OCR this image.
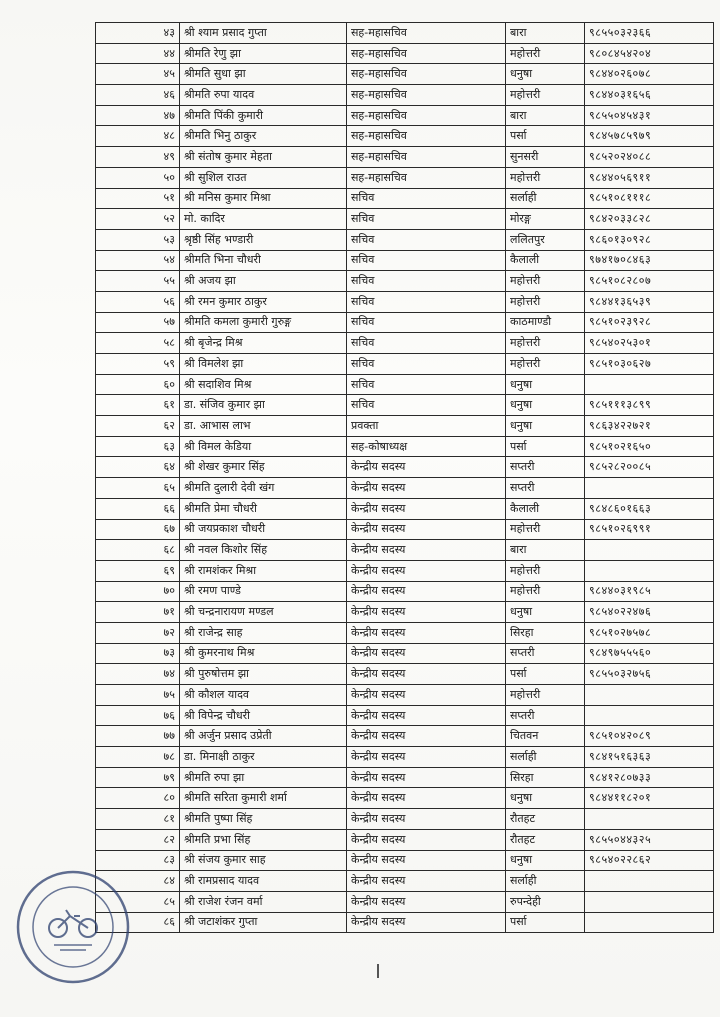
४३	श्री श्याम प्रसाद गुप्ता	सह-महासचिव	बारा	९८५५०३२३६६
४४	श्रीमति रेणु झा	सह-महासचिव	महोत्तरी	९८०८४५४२०४
४५	श्रीमति सुधा झा	सह-महासचिव	धनुषा	९८४४०२६०७८
४६	श्रीमति रुपा यादव	सह-महासचिव	महोत्तरी	९८४४०३१६५६
४७	श्रीमति पिंकी कुमारी	सह-महासचिव	बारा	९८५५०४५४३१
४८	श्रीमति भिनु ठाकुर	सह-महासचिव	पर्सा	९८४५७८५९७९
४९	श्री संतोष कुमार मेहता	सह-महासचिव	सुनसरी	९८५२०२४०८८
५०	श्री सुशिल राउत	सह-महासचिव	महोत्तरी	९८४४०५६९११
५१	श्री मनिस कुमार मिश्रा	सचिव	सर्लाही	९८५१०८१११८
५२	मो. कादिर	सचिव	मोरङ्ग	९८४२०३३८२८
५३	श्रृष्ठी सिंह भण्डारी	सचिव	ललितपुर	९८६०१३०९२८
५४	श्रीमति भिना चौधरी	सचिव	कैलाली	९७४१७०८४६३
५५	श्री अजय झा	सचिव	महोत्तरी	९८५१०८२८०७
५६	श्री रमन कुमार ठाकुर	सचिव	महोत्तरी	९८४४१३६५३९
५७	श्रीमति कमला कुमारी गुरुङ्ग	सचिव	काठमाण्डौ	९८५१०२३९२८
५८	श्री बृजेन्द्र मिश्र	सचिव	महोत्तरी	९८५४०२५३०१
५९	श्री विमलेश झा	सचिव	महोत्तरी	९८५१०३०६२७
६०	श्री सदाशिव मिश्र	सचिव	धनुषा	
६१	डा. संजिव कुमार झा	सचिव	धनुषा	९८५१११३८९९
६२	डा. आभास लाभ	प्रवक्ता	धनुषा	९८६३४२२७२१
६३	श्री विमल केडिया	सह-कोषाध्यक्ष	पर्सा	९८५१०२१६५०
६४	श्री शेखर कुमार सिंह	केन्द्रीय सदस्य	सप्तरी	९८५२८२००८५
६५	श्रीमति दुलारी देवी खंग	केन्द्रीय सदस्य	सप्तरी	
६६	श्रीमति प्रेमा चौधरी	केन्द्रीय सदस्य	कैलाली	९८४८६०१६६३
६७	श्री जयप्रकाश चौधरी	केन्द्रीय सदस्य	महोत्तरी	९८५१०२६९९१
६८	श्री नवल किशोर सिंह	केन्द्रीय सदस्य	बारा	
६९	श्री रामशंकर मिश्रा	केन्द्रीय सदस्य	महोत्तरी	
७०	श्री रमण पाण्डे	केन्द्रीय सदस्य	महोत्तरी	९८४४०३१९८५
७१	श्री चन्द्रनारायण मण्डल	केन्द्रीय सदस्य	धनुषा	९८५४०२२४७६
७२	श्री राजेन्द्र साह	केन्द्रीय सदस्य	सिरहा	९८५१०२७५७८
७३	श्री कुमरनाथ मिश्र	केन्द्रीय सदस्य	सप्तरी	९८४९७५५५६०
७४	श्री पुरुषोत्तम झा	केन्द्रीय सदस्य	पर्सा	९८५५०३२७५६
७५	श्री कौशल यादव	केन्द्रीय सदस्य	महोत्तरी	
७६	श्री विपेन्द्र चौधरी	केन्द्रीय सदस्य	सप्तरी	
७७	श्री अर्जुन प्रसाद उप्रेती	केन्द्रीय सदस्य	चितवन	९८५१०४२०८९
७८	डा. मिनाक्षी ठाकुर	केन्द्रीय सदस्य	सर्लाही	९८४१५१६३६३
७९	श्रीमति रुपा झा	केन्द्रीय सदस्य	सिरहा	९८४१२८०७३३
८०	श्रीमति सरिता कुमारी शर्मा	केन्द्रीय सदस्य	धनुषा	९८४४११८२०१
८१	श्रीमति पुष्पा सिंह	केन्द्रीय सदस्य	रौतहट	
८२	श्रीमति प्रभा सिंह	केन्द्रीय सदस्य	रौतहट	९८५५०४४३२५
८३	श्री संजय कुमार साह	केन्द्रीय सदस्य	धनुषा	९८५४०२२८६२
८४	श्री रामप्रसाद यादव	केन्द्रीय सदस्य	सर्लाही	
८५	श्री राजेश रंजन वर्मा	केन्द्रीय सदस्य	रुपन्देही	
८६	श्री जटाशंकर गुप्ता	केन्द्रीय सदस्य	पर्सा	
